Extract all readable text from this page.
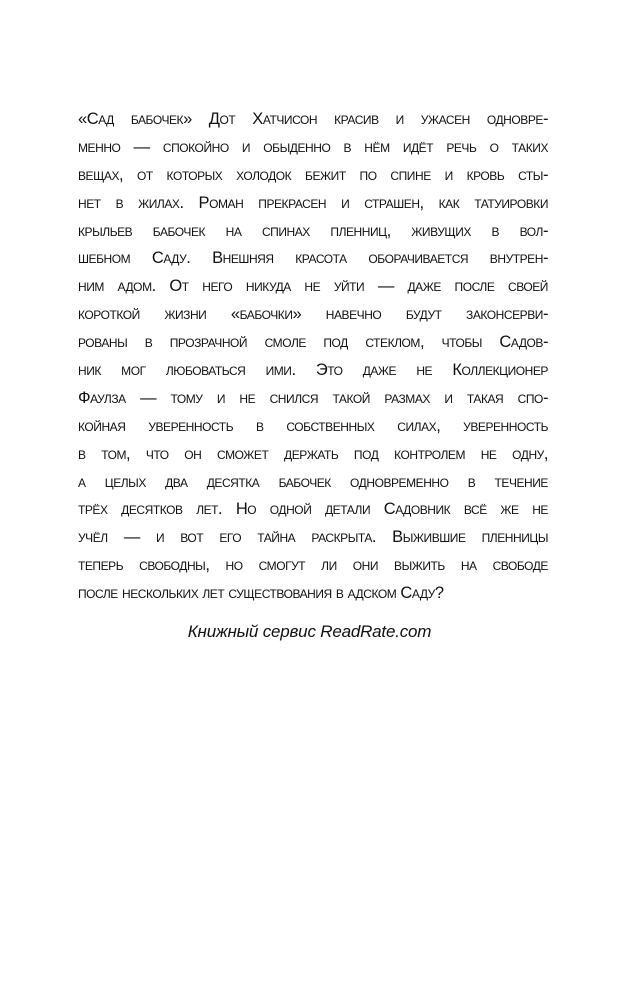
«Сад бабочек» Дот Хатчисон красив и ужасен одновре-
менно — спокойно и обыденно в нём идёт речь о таких
вещах, от которых холодок бежит по спине и кровь сты-
нет в жилах. Роман прекрасен и страшен, как татуировки
крыльев бабочек на спинах пленниц, живущих в вол-
шебном Саду. Внешняя красота оборачивается внутрен-
ним адом. От него никуда не уйти — даже после своей
короткой жизни «бабочки» навечно будут законсерви-
рованы в прозрачной смоле под стеклом, чтобы Садов-
ник мог любоваться ими. Это даже не Коллекционер
Фаулза — тому и не снился такой размах и такая спо-
койная уверенность в собственных силах, уверенность
в том, что он сможет держать под контролем не одну,
а целых два десятка бабочек одновременно в течение
трёх десятков лет. Но одной детали Садовник всё же не
учёл — и вот его тайна раскрыта. Выжившие пленницы
теперь свободны, но смогут ли они выжить на свободе
после нескольких лет существования в адском Саду?

Книжный сервис ReadRate.com
